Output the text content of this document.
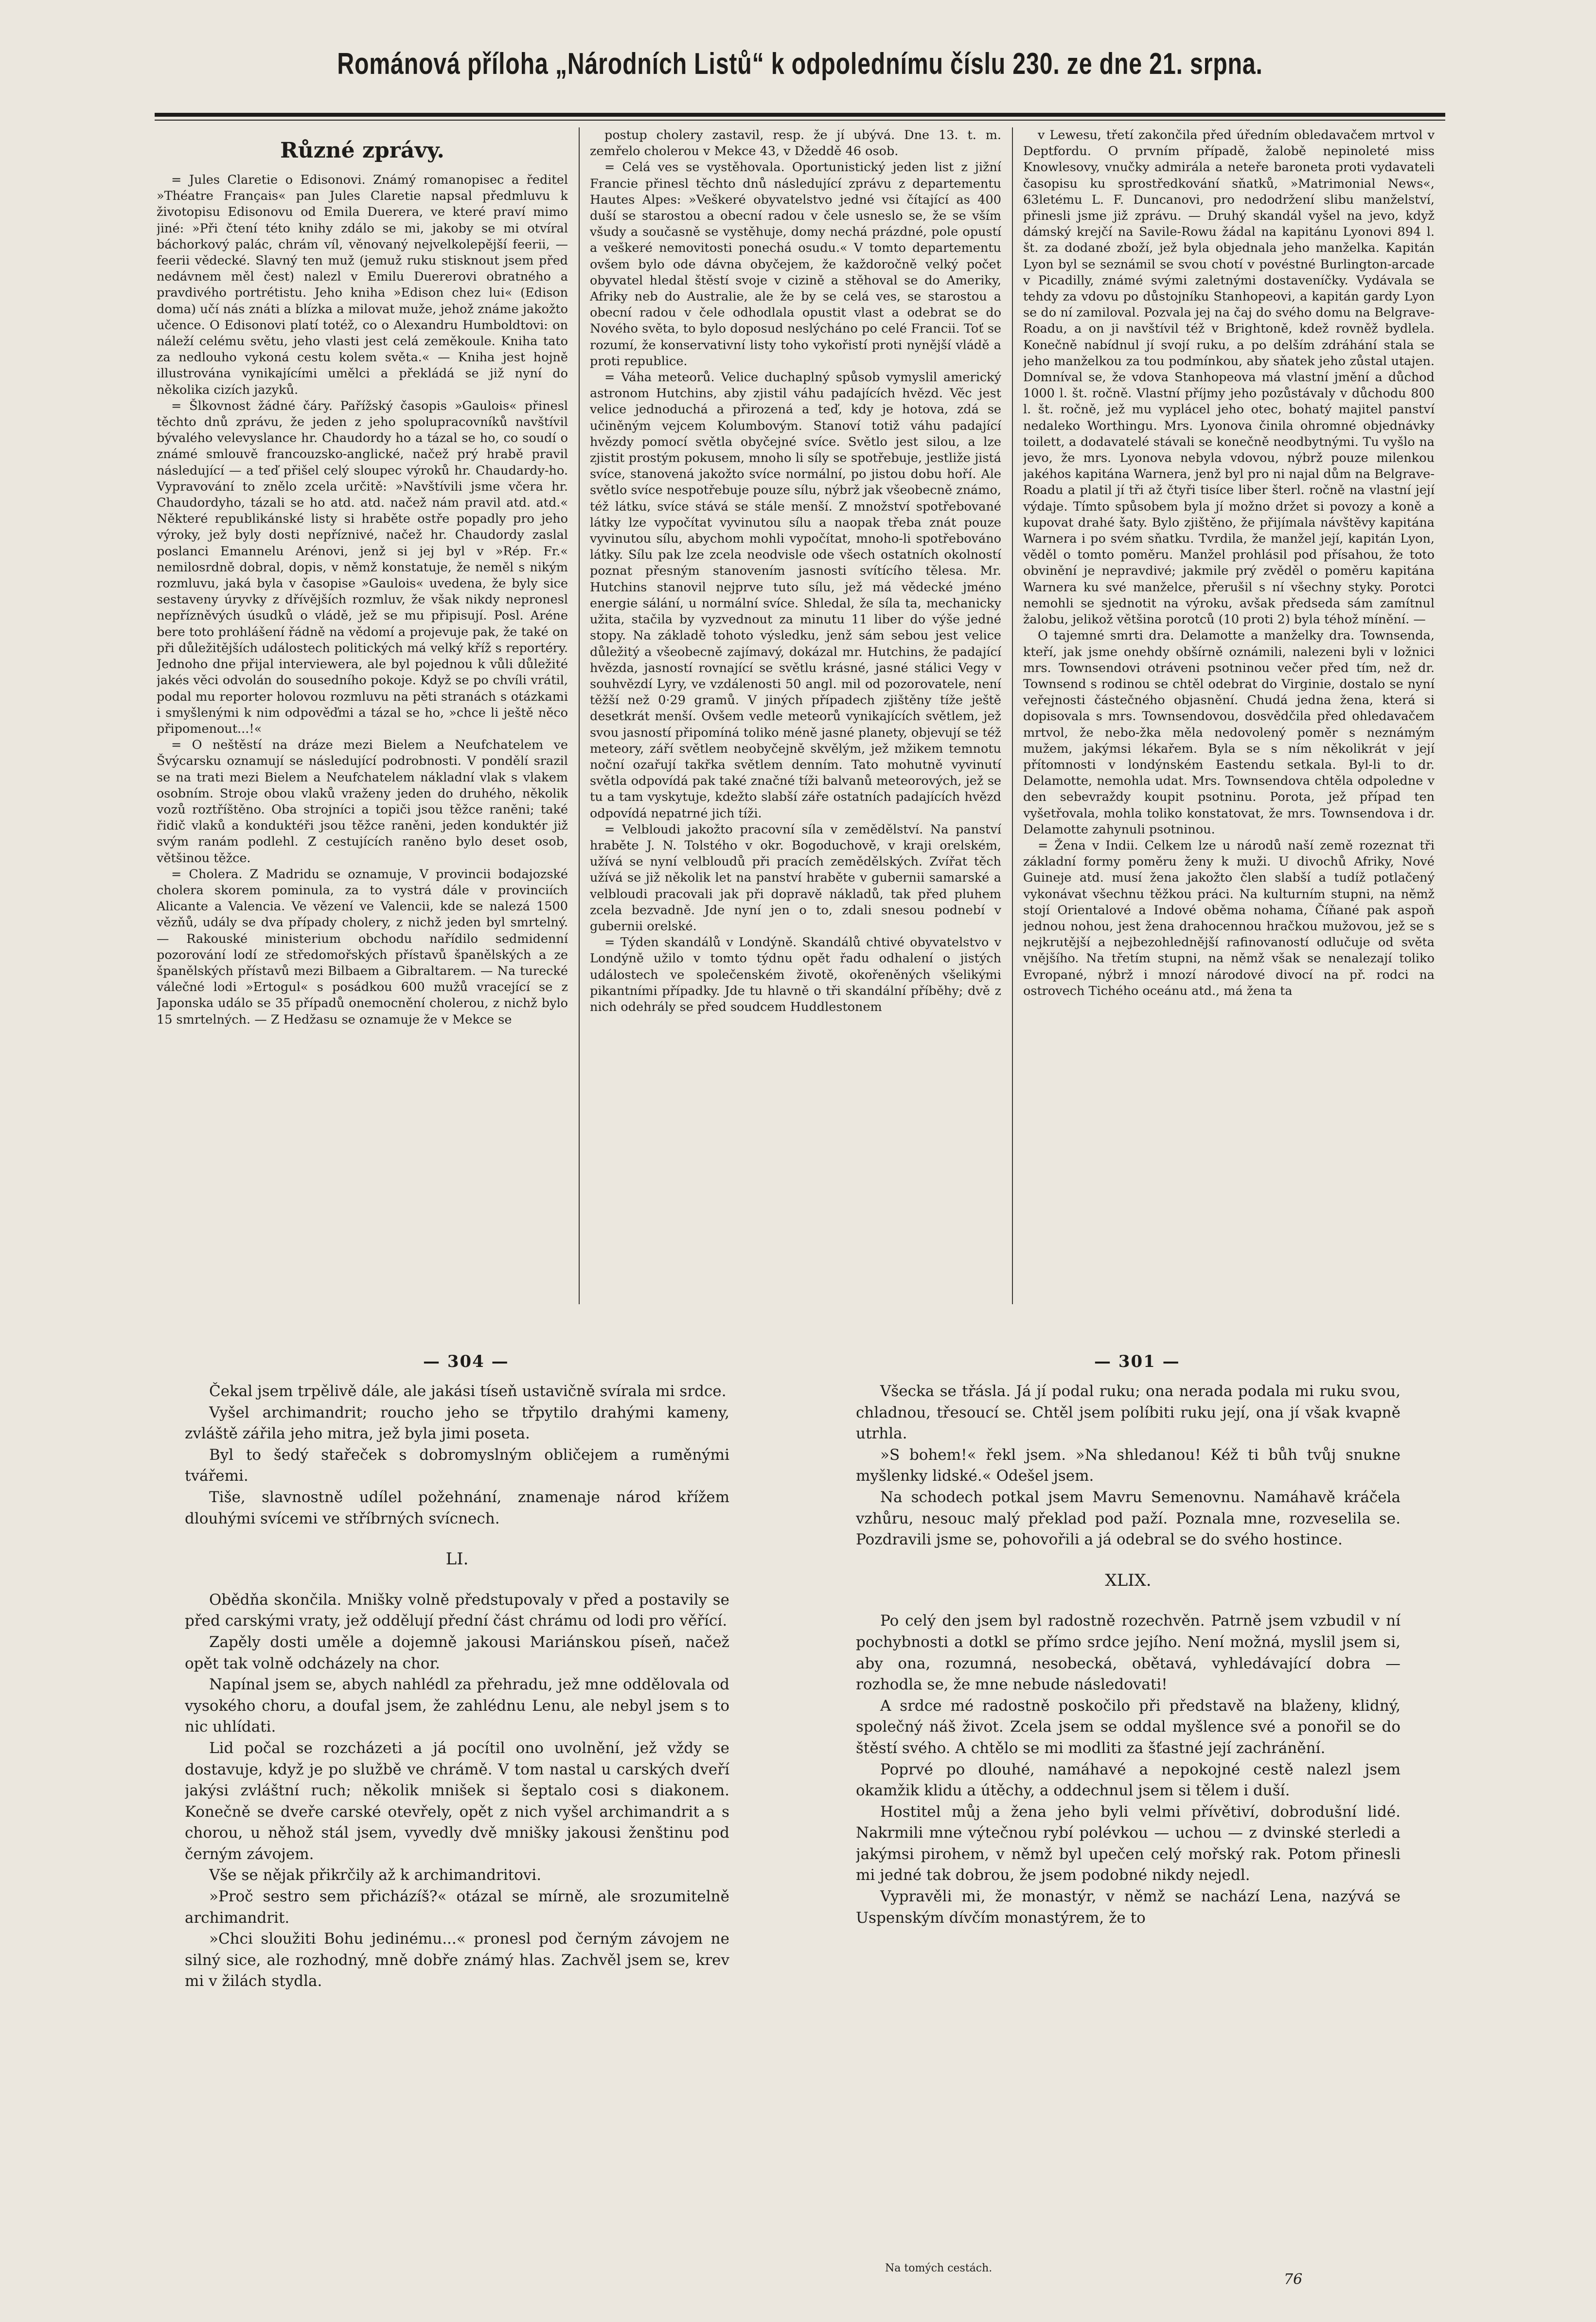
Románová příloha „Národních Listů“ k odpolednímu číslu 230. ze dne 21. srpna.
Různé zprávy.

= Jules Claretie o Edisonovi. Známý romanopisec a ředitel »Théatre Français« pan Jules Claretie napsal předmluvu k životopisu Edisonovu od Emila Duerera, ve které praví mimo jiné: »Při čtení této knihy zdálo se mi, jakoby se mi otvíral báchorkový palác, chrám víl, věnovaný nejvelkolepější feerii, — feerii vědecké. Slavný ten muž (jemuž ruku stisknout jsem před nedávnem měl čest) nalezl v Emilu Duererovi obratného a pravdivého portrétistu. Jeho kniha »Edison chez lui« (Edison doma) učí nás znáti a blízka a milovat muže, jehož známe jakožto učence. O Edisonovi platí totéž, co o Alexandru Humboldtovi: on náleží celému světu, jeho vlasti jest celá zeměkoule. Kniha tato za nedlouho vykoná cestu kolem světa.« — Kniha jest hojně illustrována vynikajícími umělci a překládá se již nyní do několika cizích jazyků.

= Šlkovnost žádné čáry. Pařížský časopis »Gaulois« přinesl těchto dnů zprávu, že jeden z jeho spolupracovníků navštívil bývalého velevyslance hr. Chaudordy ho a tázal se ho, co soudí o známé smlouvě francouzsko-anglické, načež prý hrabě pravil následující — a teď přišel celý sloupec výroků hr. Chaudardy-ho. Vypravování to znělo zcela určitě: »Navštívili jsme včera hr. Chaudordyho, tázali se ho atd. atd. načež nám pravil atd. atd.« Některé republikánské listy si hraběte ostře popadly pro jeho výroky, jež byly dosti nepříznivé, načež hr. Chaudordy zaslal poslanci Emannelu Arénovi, jenž si jej byl v »Rép. Fr.« nemilosrdně dobral, dopis, v němž konstatuje, že neměl s nikým rozmluvu, jaká byla v časopise »Gaulois« uvedena, že byly sice sestaveny úryvky z dřívějších rozmluv, že však nikdy nepronesl nepřízněvých úsudků o vládě, jež se mu připisují. Posl. Aréne bere toto prohlášení řádně na vědomí a projevuje pak, že také on při důležitějších událostech politických má velký kříž s reportéry. Jednoho dne přijal interviewera, ale byl pojednou k vůli důležité jakés věci odvolán do sousedního pokoje. Když se po chvíli vrátil, podal mu reporter holovou rozmluvu na pěti stranách s otázkami i smyšlenými k nim odpověďmi a tázal se ho, »chce li ještě něco připomenout...!«

= O neštěstí na dráze mezi Bielem a Neufchatelem ve Švýcarsku oznamují se následující podrobnosti. V pondělí srazil se na trati mezi Bielem a Neufchatelem nákladní vlak s vlakem osobním. Stroje obou vlaků vraženy jeden do druhého, několik vozů roztříštěno. Oba strojníci a topiči jsou těžce raněni; také řidič vlaků a konduktéři jsou těžce raněni, jeden konduktér již svým ranám podlehl. Z cestujících raněno bylo deset osob, většinou těžce.

= Cholera. Z Madridu se oznamuje, V provincii bodajozské cholera skorem pominula, za to vystrá dále v provinciích Alicante a Valencia. Ve vězení ve Valencii, kde se nalezá 1500 vězňů, udály se dva případy cholery, z nichž jeden byl smrtelný. — Rakouské ministerium obchodu nařídilo sedmidenní pozorování lodí ze středomořských přístavů španělských a ze španělských přístavů mezi Bilbaem a Gibraltarem. — Na turecké válečné lodi »Ertogul« s posádkou 600 mužů vracející se z Japonska událo se 35 případů onemocnění cholerou, z nichž bylo 15 smrtelných. — Z Hedžasu se oznamuje že v Mekce se

postup cholery zastavil, resp. že jí ubývá. Dne 13. t. m. zemřelo cholerou v Mekce 43, v Džeddě 46 osob.

= Celá ves se vystěhovala. Oportunistický jeden list z jižní Francie přinesl těchto dnů následující zprávu z departementu Hautes Alpes: »Veškeré obyvatelstvo jedné vsi čítající as 400 duší se starostou a obecní radou v čele usneslo se, že se vším všudy a současně se vystěhuje, domy nechá prázdné, pole opustí a veškeré nemovitosti ponechá osudu.« V tomto departementu ovšem bylo ode dávna obyčejem, že každoročně velký počet obyvatel hledal štěstí svoje v cizině a stěhoval se do Ameriky, Afriky neb do Australie, ale že by se celá ves, se starostou a obecní radou v čele odhodlala opustit vlast a odebrat se do Nového světa, to bylo doposud neslýcháno po celé Francii. Toť se rozumí, že konservativní listy toho vykořistí proti nynější vládě a proti republice.

= Váha meteorů. Velice duchaplný spůsob vymyslil americký astronom Hutchins, aby zjistil váhu padajících hvězd. Věc jest velice jednoduchá a přirozená a teď, kdy je hotova, zdá se učiněným vejcem Kolumbovým. Stanoví totiž váhu padající hvězdy pomocí světla obyčejné svíce. Světlo jest silou, a lze zjistit prostým pokusem, mnoho li síly se spotřebuje, jestliže jistá svíce, stanovená jakožto svíce normální, po jistou dobu hoří. Ale světlo svíce nespotřebuje pouze sílu, nýbrž jak všeobecně známo, též látku, svíce stává se stále menší. Z množství spotřebované látky lze vypočítat vyvinutou sílu a naopak třeba znát pouze vyvinutou sílu, abychom mohli vypočítat, mnoho-li spotřebováno látky. Sílu pak lze zcela neodvisle ode všech ostatních okolností poznat přesným stanovením jasnosti svítícího tělesa. Mr. Hutchins stanovil nejprve tuto sílu, jež má vědecké jméno energie sálání, u normální svíce. Shledal, že síla ta, mechanicky užita, stačila by vyzvednout za minutu 11 liber do výše jedné stopy. Na základě tohoto výsledku, jenž sám sebou jest velice důležitý a všeobecně zajímavý, dokázal mr. Hutchins, že padající hvězda, jasností rovnající se světlu krásné, jasné stálici Vegy v souhvězdí Lyry, ve vzdálenosti 50 angl. mil od pozorovatele, není těžší než 0·29 gramů. V jiných případech zjištěny tíže ještě desetkrát menší. Ovšem vedle meteorů vynikajících světlem, jež svou jasností připomíná toliko méně jasné planety, objevují se též meteory, září světlem neobyčejně skvělým, jež mžikem temnotu noční ozařují takřka světlem denním. Tato mohutně vyvinutí světla odpovídá pak také značné tíži balvanů meteorových, jež se tu a tam vyskytuje, kdežto slabší záře ostatních padajících hvězd odpovídá nepatrné jich tíži.

= Velbloudi jakožto pracovní síla v zemědělství. Na panství hraběte J. N. Tolstého v okr. Bogoduchově, v kraji orelském, užívá se nyní velbloudů při pracích zemědělských. Zvířat těch užívá se již několik let na panství hraběte v gubernii samarské a velbloudi pracovali jak při dopravě nákladů, tak před pluhem zcela bezvadně. Jde nyní jen o to, zdali snesou podnebí v gubernii orelské.

= Týden skandálů v Londýně. Skandálů chtivé obyvatelstvo v Londýně užilo v tomto týdnu opět řadu odhalení o jistých událostech ve společenském životě, okořeněných všelikými pikantními případky. Jde tu hlavně o tři skandální příběhy; dvě z nich odehrály se před soudcem Huddlestonem

v Lewesu, třetí zakončila před úředním obledavačem mrtvol v Deptfordu. O prvním případě, žalobě nepinoleté miss Knowlesovy, vnučky admirála a neteře baroneta proti vydavateli časopisu ku sprostředkování sňatků, »Matrimonial News«, 63letému L. F. Duncanovi, pro nedodržení slibu manželství, přinesli jsme již zprávu. — Druhý skandál vyšel na jevo, když dámský krejčí na Savile-Rowu žádal na kapitánu Lyonovi 894 l. št. za dodané zboží, jež byla objednala jeho manželka. Kapitán Lyon byl se seznámil se svou chotí v povéstné Burlington-arcade v Picadilly, známé svými zaletnými dostaveníčky. Vydávala se tehdy za vdovu po důstojníku Stanhopeovi, a kapitán gardy Lyon se do ní zamiloval. Pozvala jej na čaj do svého domu na Belgrave-Roadu, a on ji navštívil též v Brightoně, kdež rovněž bydlela. Konečně nabídnul jí svojí ruku, a po delším zdráhání stala se jeho manželkou za tou podmínkou, aby sňatek jeho zůstal utajen. Domníval se, že vdova Stanhopeova má vlastní jmění a důchod 1000 l. št. ročně. Vlastní příjmy jeho pozůstávaly v důchodu 800 l. št. ročně, jež mu vyplácel jeho otec, bohatý majitel panství nedaleko Worthingu. Mrs. Lyonova činila ohromné objednávky toilett, a dodavatelé stávali se konečně neodbytnými. Tu vyšlo na jevo, že mrs. Lyonova nebyla vdovou, nýbrž pouze milenkou jakéhos kapitána Warnera, jenž byl pro ni najal dům na Belgrave-Roadu a platil jí tři až čtyři tisíce liber šterl. ročně na vlastní její výdaje. Tímto spůsobem byla jí možno držet si povozy a koně a kupovat drahé šaty. Bylo zjištěno, že přijímala návštěvy kapitána Warnera i po svém sňatku. Tvrdila, že manžel její, kapitán Lyon, věděl o tomto poměru. Manžel prohlásil pod přísahou, že toto obvinění je nepravdivé; jakmile prý zvěděl o poměru kapitána Warnera ku své manželce, přerušil s ní všechny styky. Porotci nemohli se sjednotit na výroku, avšak předseda sám zamítnul žalobu, jelikož většina porotců (10 proti 2) byla téhož mínění. —

O tajemné smrti dra. Delamotte a manželky dra. Townsenda, kteří, jak jsme onehdy obšírně oznámili, nalezeni byli v ložnici mrs. Townsendovi otráveni psotninou večer před tím, než dr. Townsend s rodinou se chtěl odebrat do Virginie, dostalo se nyní veřejnosti částečného objasnění. Chudá jedna žena, která si dopisovala s mrs. Townsendovou, dosvědčila před ohledavačem mrtvol, že nebo-žka měla nedovolený poměr s neznámým mužem, jakýmsi lékařem. Byla se s ním několikrát v její přítomnosti v londýnském Eastendu setkala. Byl-li to dr. Delamotte, nemohla udat. Mrs. Townsendova chtěla odpoledne v den sebevraždy koupit psotninu. Porota, jež případ ten vyšetřovala, mohla toliko konstatovat, že mrs. Townsendova i dr. Delamotte zahynuli psotninou.

= Žena v Indii. Celkem lze u národů naší země rozeznat tři základní formy poměru ženy k muži. U divochů Afriky, Nové Guineje atd. musí žena jakožto člen slabší a tudíž potlačený vykonávat všechnu těžkou práci. Na kulturním stupni, na němž stojí Orientalové a Indové oběma nohama, Číňané pak aspoň jednou nohou, jest žena drahocennou hračkou mužovou, jež se s nejkrutější a nejbezohlednější rafinovaností odlučuje od světa vnějšího. Na třetím stupni, na němž však se nenalezají toliko Evropané, nýbrž i mnozí národové divocí na př. rodci na ostrovech Tichého oceánu atd., má žena ta

— 304 —	— 301 —

Čekal jsem trpělivě dále, ale jakási tíseň ustavičně svírala mi srdce.

Vyšel archimandrit; roucho jeho se třpytilo drahými kameny, zvláště zářila jeho mitra, jež byla jimi poseta.

Byl to šedý stařeček s dobromyslným obličejem a ruměnými tvářemi.

Tiše, slavnostně udílel požehnání, znamenaje národ křížem dlouhými svícemi ve stříbrných svícnech.

LI.

Obědňa skončila. Mnišky volně předstupovaly v před a postavily se před carskými vraty, jež oddělují přední část chrámu od lodi pro věřící.

Zapěly dosti uměle a dojemně jakousi Mariánskou píseň, načež opět tak volně odcházely na chor.

Napínal jsem se, abych nahlédl za přehradu, jež mne oddělovala od vysokého choru, a doufal jsem, že zahlédnu Lenu, ale nebyl jsem s to nic uhlídati.

Lid počal se rozcházeti a já pocítil ono uvolnění, jež vždy se dostavuje, když je po službě ve chrámě. V tom nastal u carských dveří jakýsi zvláštní ruch; několik mnišek si šeptalo cosi s diakonem. Konečně se dveře carské otevřely, opět z nich vyšel archimandrit a s chorou, u něhož stál jsem, vyvedly dvě mnišky jakousi ženštinu pod černým závojem.

Vše se nějak přikrčily až k archimandritovi.

»Proč sestro sem přicházíš?« otázal se mírně, ale srozumitelně archimandrit.

»Chci sloužiti Bohu jedinému...« pronesl pod černým závojem ne silný sice, ale rozhodný, mně dobře známý hlas. Zachvěl jsem se, krev mi v žilách stydla.

Všecka se třásla. Já jí podal ruku; ona nerada podala mi ruku svou, chladnou, třesoucí se. Chtěl jsem políbiti ruku její, ona jí však kvapně utrhla.

»S bohem!« řekl jsem. »Na shledanou! Kéž ti bůh tvůj snukne myšlenky lidské.« Odešel jsem.

Na schodech potkal jsem Mavru Semenovnu. Namáhavě kráčela vzhůru, nesouc malý překlad pod paží. Poznala mne, rozveselila se. Pozdravili jsme se, pohovořili a já odebral se do svého hostince.

XLIX.

Po celý den jsem byl radostně rozechvěn. Patrně jsem vzbudil v ní pochybnosti a dotkl se přímo srdce jejího. Není možná, myslil jsem si, aby ona, rozumná, nesobecká, obětavá, vyhledávající dobra — rozhodla se, že mne nebude následovati!

A srdce mé radostně poskočilo při představě na blaženy, klidný, společný náš život. Zcela jsem se oddal myšlence své a ponořil se do štěstí svého. A chtělo se mi modliti za šťastné její zachránění.

Poprvé po dlouhé, namáhavé a nepokojné cestě nalezl jsem okamžik klidu a útěchy, a oddechnul jsem si tělem i duší.

Hostitel můj a žena jeho byli velmi přívětiví, dobrodušní lidé. Nakrmili mne výtečnou rybí polévkou — uchou — z dvinské sterledi a jakýmsi pirohem, v němž byl upečen celý mořský rak. Potom přinesli mi jedné tak dobrou, že jsem podobné nikdy nejedl.

Vypravěli mi, že monastýr, v němž se nachází Lena, nazývá se Uspenským dívčím monastýrem, že to

Na tomých cestách.
76
